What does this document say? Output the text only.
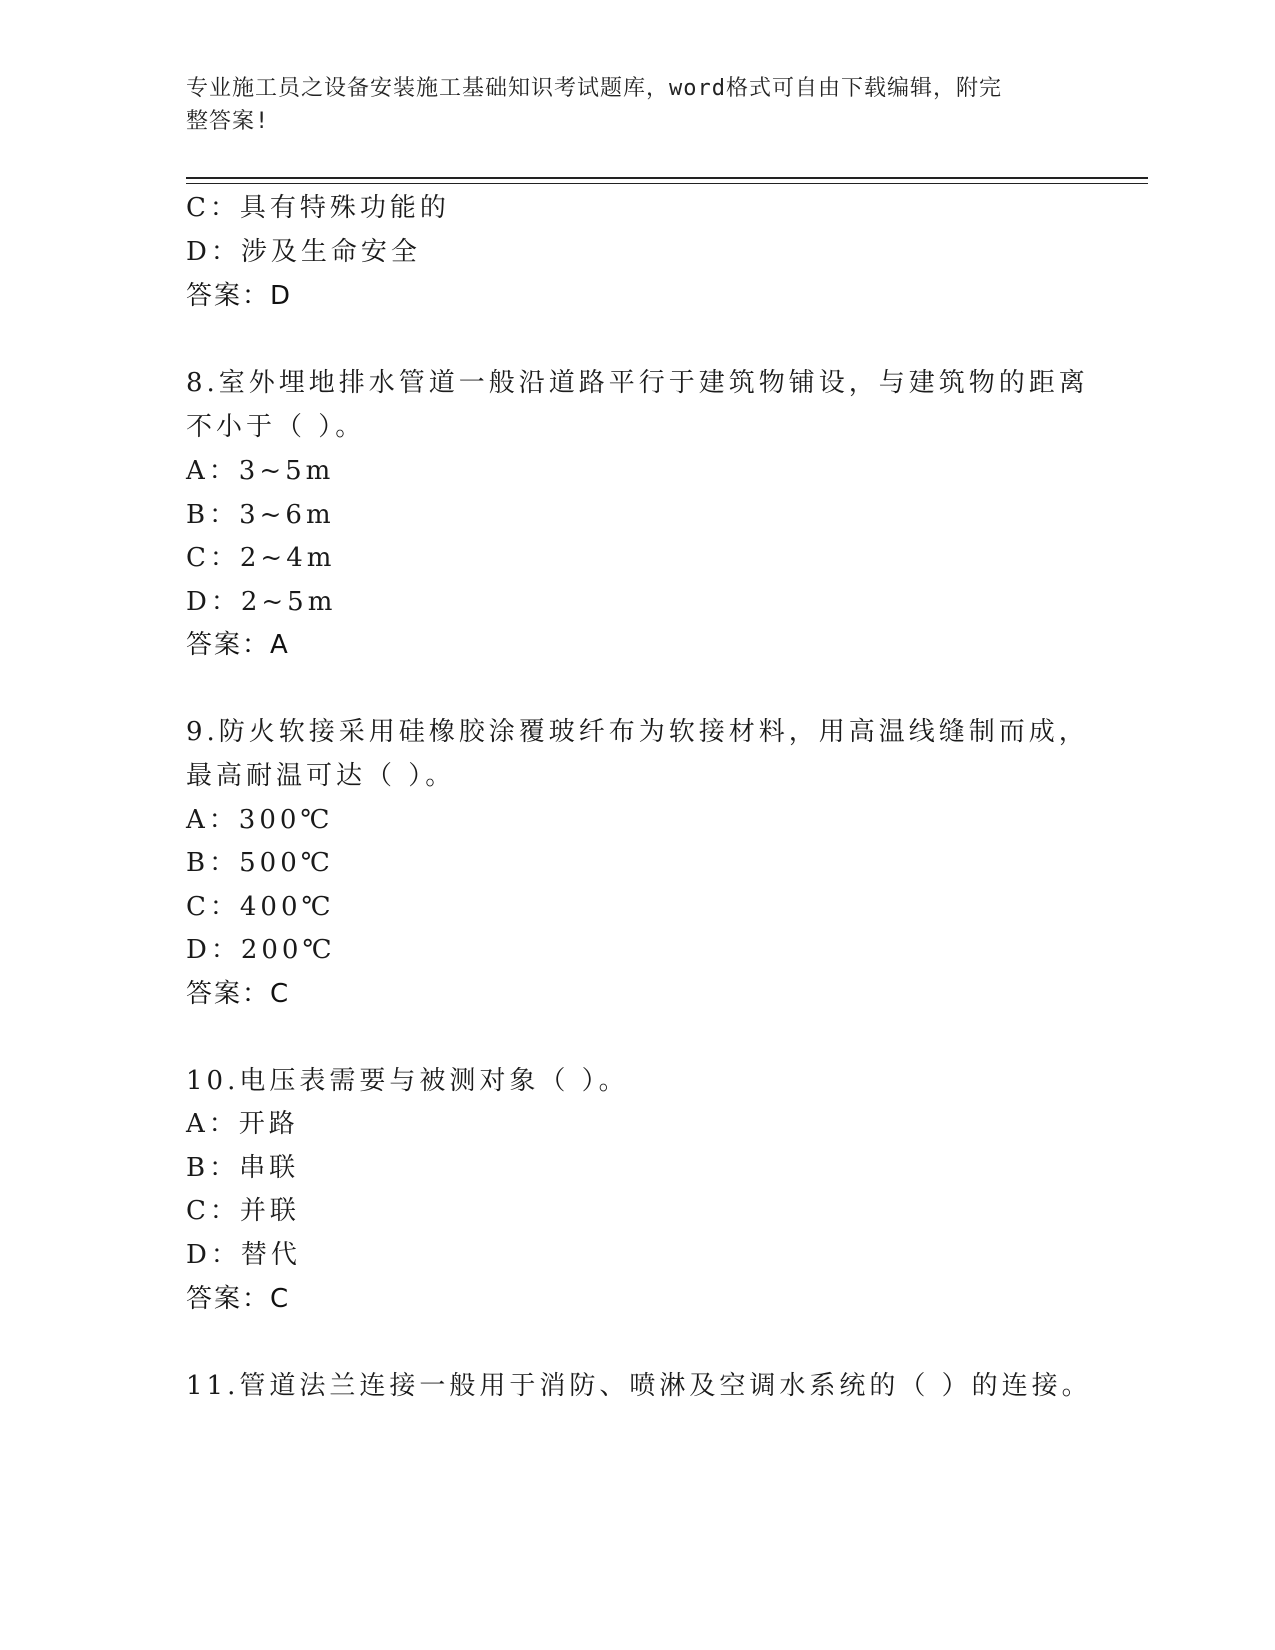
专业施工员之设备安装施工基础知识考试题库，word格式可自由下载编辑，附完
整答案!
C：具有特殊功能的
D：涉及生命安全
答案：D
8.室外埋地排水管道一般沿道路平行于建筑物铺设，与建筑物的距离
不小于（ ）。
A：3~5m
B：3~6m
C：2~4m
D：2~5m
答案：A
9.防火软接采用硅橡胶涂覆玻纤布为软接材料，用高温线缝制而成，
最高耐温可达（ ）。
A：300℃
B：500℃
C：400℃
D：200℃
答案：C
10.电压表需要与被测对象（ ）。
A：开路
B：串联
C：并联
D：替代
答案：C
11.管道法兰连接一般用于消防、喷淋及空调水系统的（ ）的连接。
